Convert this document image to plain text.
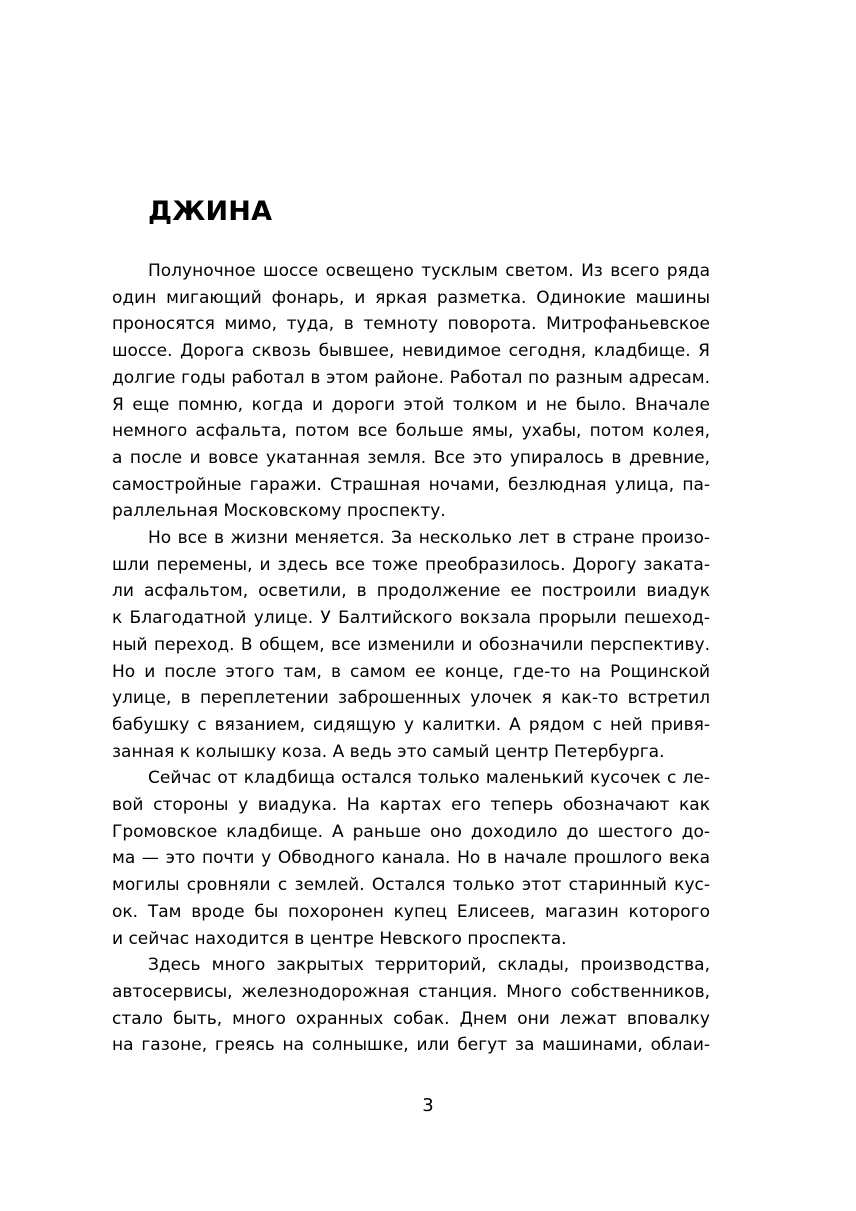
ДЖИНА
Полуночное шоссе освещено тусклым светом. Из всего ряда
один мигающий фонарь, и яркая разметка. Одинокие машины
проносятся мимо, туда, в темноту поворота. Митрофаньевское
шоссе. Дорога сквозь бывшее, невидимое сегодня, кладбище. Я
долгие годы работал в этом районе. Работал по разным адресам.
Я еще помню, когда и дороги этой толком и не было. Вначале
немного асфальта, потом все больше ямы, ухабы, потом колея,
а после и вовсе укатанная земля. Все это упиралось в древние,
самостройные гаражи. Страшная ночами, безлюдная улица, па-
раллельная Московскому проспекту.
Но все в жизни меняется. За несколько лет в стране произо-
шли перемены, и здесь все тоже преобразилось. Дорогу заката-
ли асфальтом, осветили, в продолжение ее построили виадук
к Благодатной улице. У Балтийского вокзала прорыли пешеход-
ный переход. В общем, все изменили и обозначили перспективу.
Но и после этого там, в самом ее конце, где-то на Рощинской
улице, в переплетении заброшенных улочек я как-то встретил
бабушку с вязанием, сидящую у калитки. А рядом с ней привя-
занная к колышку коза. А ведь это самый центр Петербурга.
Сейчас от кладбища остался только маленький кусочек с ле-
вой стороны у виадука. На картах его теперь обозначают как
Громовское кладбище. А раньше оно доходило до шестого до-
ма — это почти у Обводного канала. Но в начале прошлого века
могилы сровняли с землей. Остался только этот старинный кус-
ок. Там вроде бы похоронен купец Елисеев, магазин которого
и сейчас находится в центре Невского проспекта.
Здесь много закрытых территорий, склады, производства,
автосервисы, железнодорожная станция. Много собственников,
стало быть, много охранных собак. Днем они лежат вповалку
на газоне, греясь на солнышке, или бегут за машинами, облаи-
3
